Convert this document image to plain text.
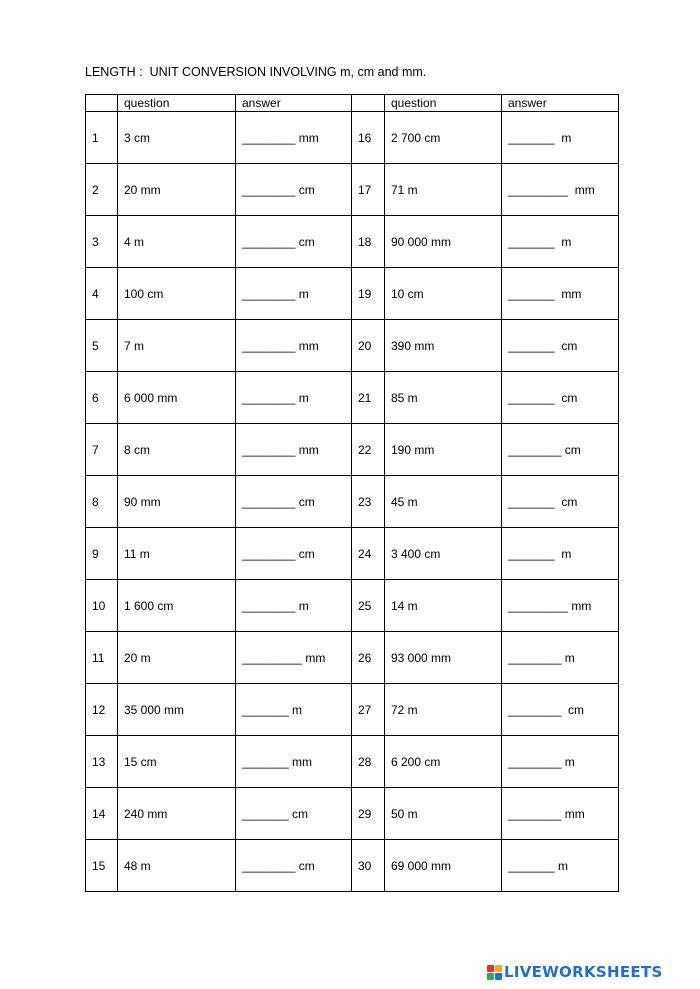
LENGTH :  UNIT CONVERSION INVOLVING m, cm and mm.
	question	answer		question	answer
1	3 cm	________ mm	16	2 700 cm	_______  m
2	20 mm	________ cm	17	71 m	_________  mm
3	4 m	________ cm	18	90 000 mm	_______  m
4	100 cm	________ m	19	10 cm	_______  mm
5	7 m	________ mm	20	390 mm	_______  cm
6	6 000 mm	________ m	21	85 m	_______  cm
7	8 cm	________ mm	22	190 mm	________ cm
8	90 mm	________ cm	23	45 m	_______  cm
9	11 m	________ cm	24	3 400 cm	_______  m
10	1 600 cm	________ m	25	14 m	_________ mm
11	20 m	_________ mm	26	93 000 mm	________ m
12	35 000 mm	_______ m	27	72 m	________  cm
13	15 cm	_______ mm	28	6 200 cm	________ m
14	240 mm	_______ cm	29	50 m	________ mm
15	48 m	________ cm	30	69 000 mm	_______ m
LIVEWORKSHEETS
